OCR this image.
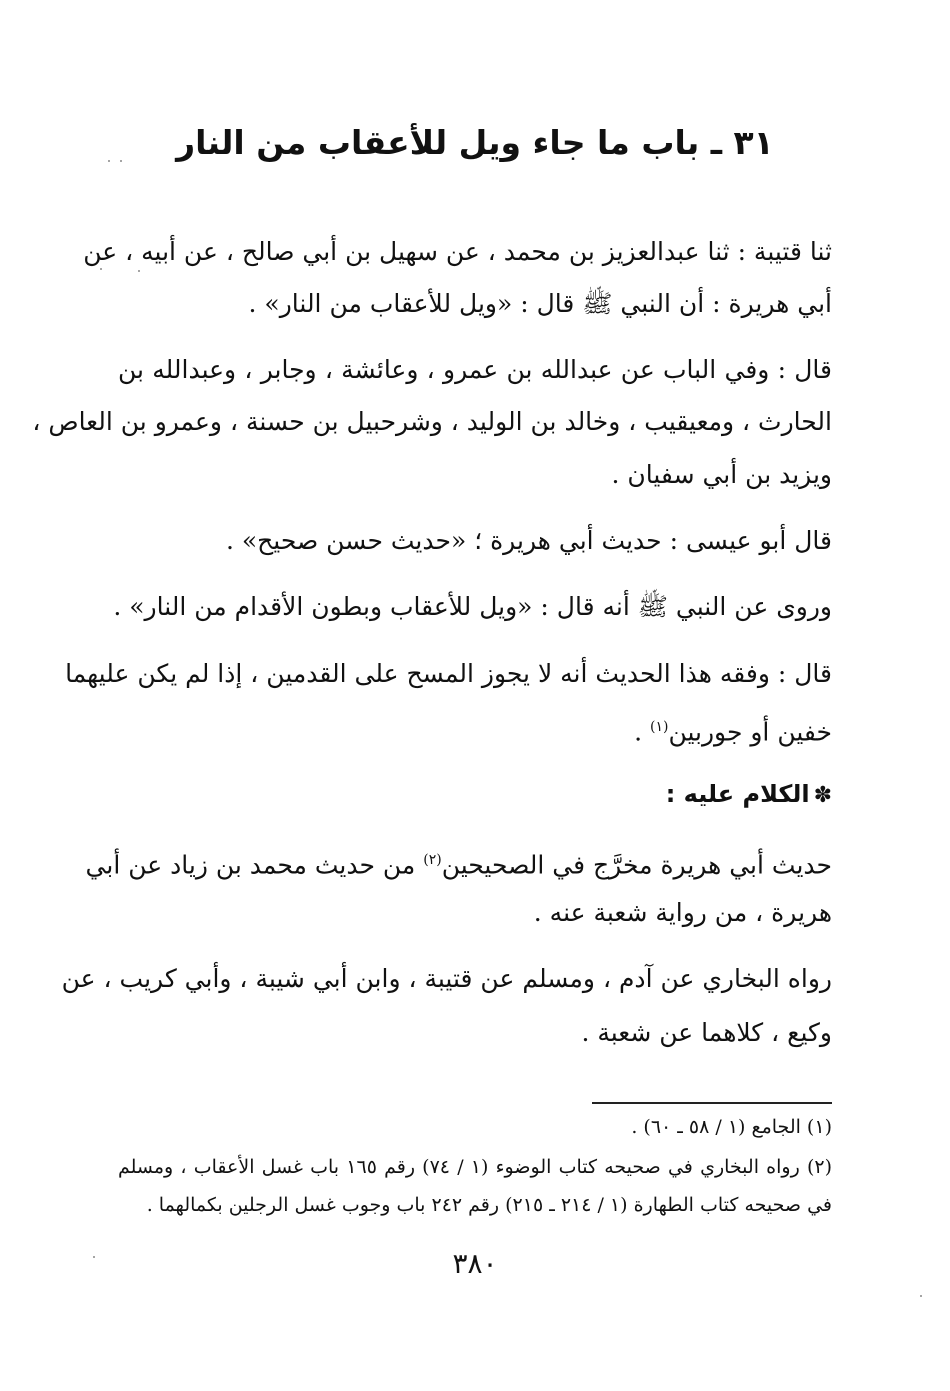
٣١ ـ باب ما جاء ويل للأعقاب من النار

ثنا قتيبة : ثنا عبدالعزيز بن محمد ، عن سهيل بن أبي صالح ، عن أبيه ، عن

أبي هريرة : أن النبي ﷺ قال : «ويل للأعقاب من النار» .

قال : وفي الباب عن عبدالله بن عمرو ، وعائشة ، وجابر ، وعبدالله بن

الحارث ، ومعيقيب ، وخالد بن الوليد ، وشرحبيل بن حسنة ، وعمرو بن العاص ،

ويزيد بن أبي سفيان .

قال أبو عيسى : حديث أبي هريرة ؛ «حديث حسن صحيح» .

وروى عن النبي ﷺ أنه قال : «ويل للأعقاب وبطون الأقدام من النار» .

قال : وفقه هذا الحديث أنه لا يجوز المسح على القدمين ، إذا لم يكن عليهما

خفين أو جوربين$^{(١)}$ .

✽الكلام عليه :

حديث أبي هريرة مخرَّج في الصحيحين$^{(٢)}$ من حديث محمد بن زياد عن أبي

هريرة ، من رواية شعبة عنه .

رواه البخاري عن آدم ، ومسلم عن قتيبة ، وابن أبي شيبة ، وأبي كريب ، عن

وكيع ، كلاهما عن شعبة .

(١) الجامع (١ / ٥٨ ـ ٦٠) .

(٢) رواه البخاري في صحيحه كتاب الوضوء (١ / ٧٤) رقم ١٦٥ باب غسل الأعقاب ، ومسلم

في صحيحه كتاب الطهارة (١ / ٢١٤ ـ ٢١٥) رقم ٢٤٢ باب وجوب غسل الرجلين بكمالهما .

٣٨٠
